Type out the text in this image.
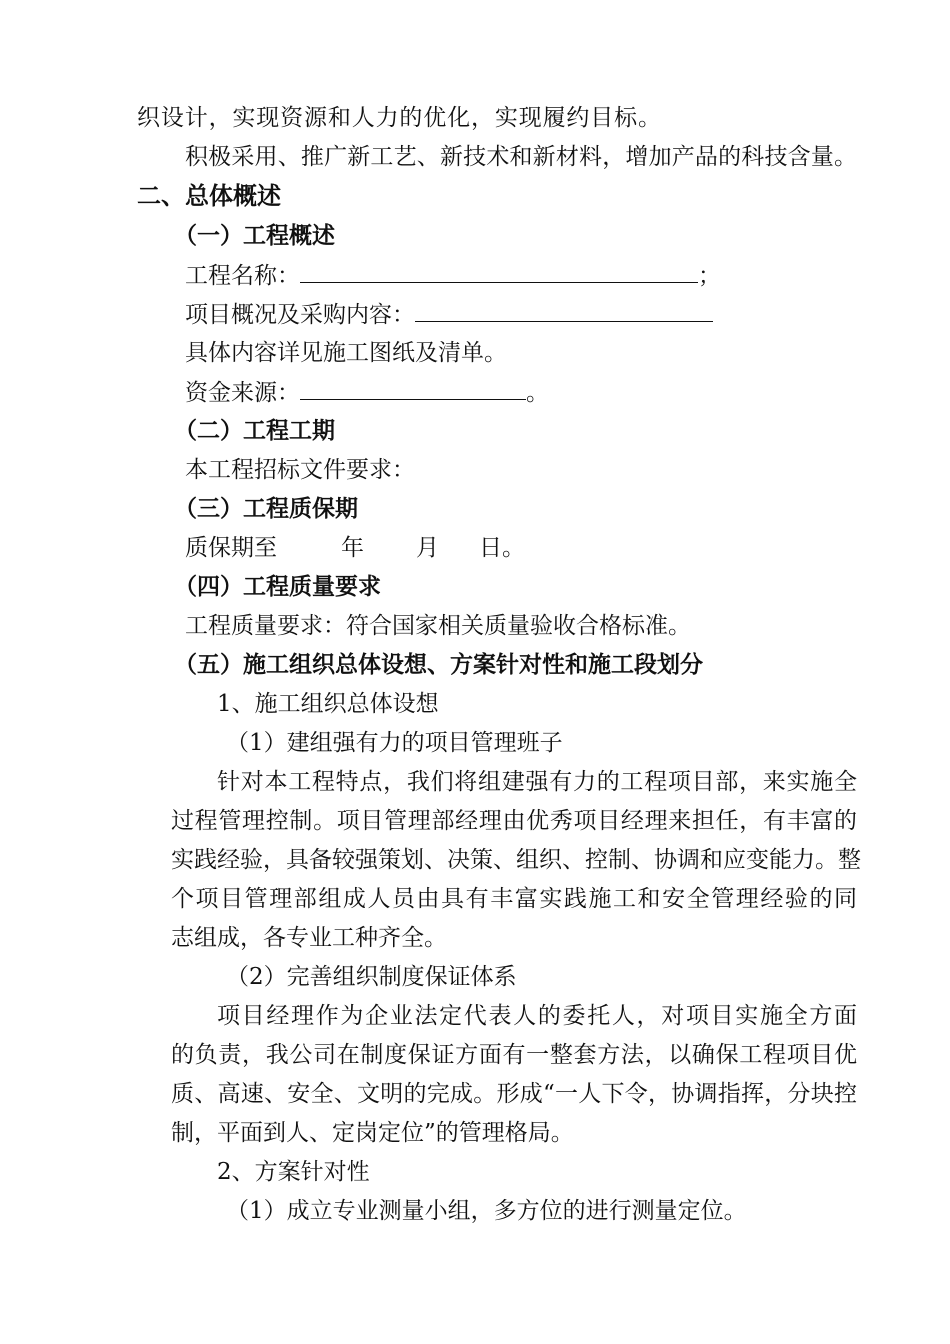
织设计，实现资源和人力的优化，实现履约目标。
积极采用、推广新工艺、新技术和新材料，增加产品的科技含量。
二、总体概述
（一）工程概述
工程名称：	；
项目概况及采购内容：
具体内容详见施工图纸及清单。
资金来源：	。
（二）工程工期
本工程招标文件要求：
（三）工程质保期
质保期至	年 月 日。
（四）工程质量要求
工程质量要求：符合国家相关质量验收合格标准。
（五）施工组织总体设想、方案针对性和施工段划分
1、施工组织总体设想
（1）建组强有力的项目管理班子
针对本工程特点，我们将组建强有力的工程项目部，来实施全
过程管理控制。项目管理部经理由优秀项目经理来担任，有丰富的
实践经验，具备较强策划、决策、组织、控制、协调和应变能力。整
个项目管理部组成人员由具有丰富实践施工和安全管理经验的同
志组成，各专业工种齐全。
（2）完善组织制度保证体系
项目经理作为企业法定代表人的委托人，对项目实施全方面
的负责，我公司在制度保证方面有一整套方法，以确保工程项目优
质、高速、安全、文明的完成。形成“一人下令，协调指挥，分块控
制，平面到人、定岗定位”的管理格局。
2、方案针对性
（1）成立专业测量小组，多方位的进行测量定位。
